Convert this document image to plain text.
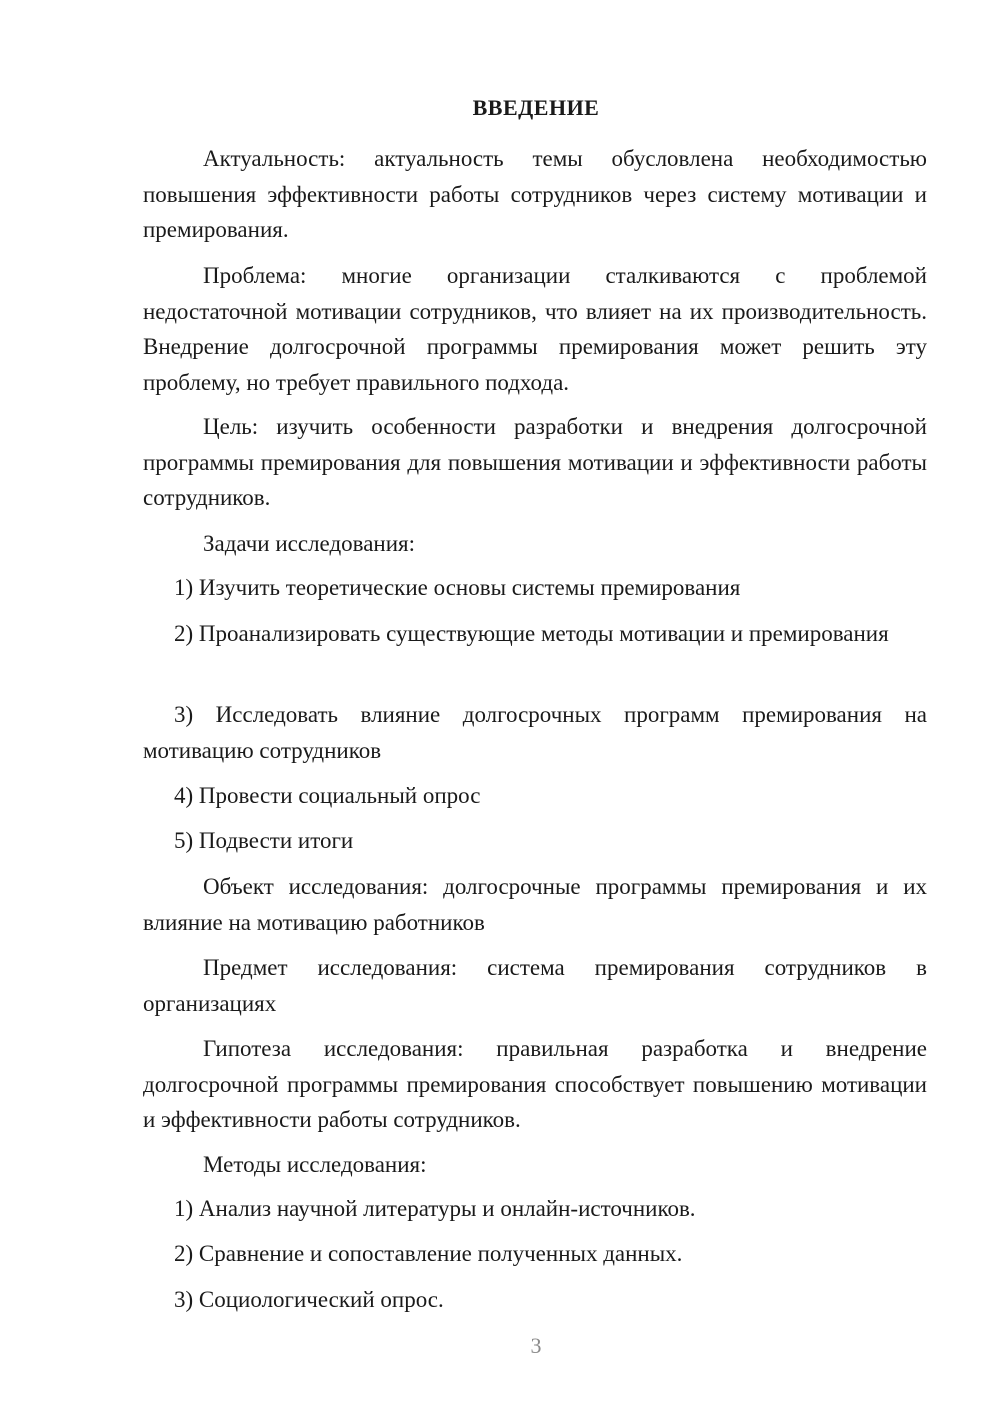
ВВЕДЕНИЕ

Актуальность: актуальность темы обусловлена необходимостью повышения эффективности работы сотрудников через систему мотивации и премирования.

Проблема: многие организации сталкиваются с проблемой недостаточной мотивации сотрудников, что влияет на их производительность. Внедрение долгосрочной программы премирования может решить эту проблему, но требует правильного подхода.

Цель: изучить особенности разработки и внедрения долгосрочной программы премирования для повышения мотивации и эффективности работы сотрудников.

Задачи исследования:

1) Изучить теоретические основы системы премирования

2) Проанализировать существующие методы мотивации и премирования

3) Исследовать влияние долгосрочных программ премирования на мотивацию сотрудников

4) Провести социальный опрос

5) Подвести итоги

Объект исследования: долгосрочные программы премирования и их влияние на мотивацию работников

Предмет исследования: система премирования сотрудников в организациях

Гипотеза исследования: правильная разработка и внедрение долгосрочной программы премирования способствует повышению мотивации и эффективности работы сотрудников.

Методы исследования:

1) Анализ научной литературы и онлайн-источников.

2) Сравнение и сопоставление полученных данных.

3) Социологический опрос.

3
